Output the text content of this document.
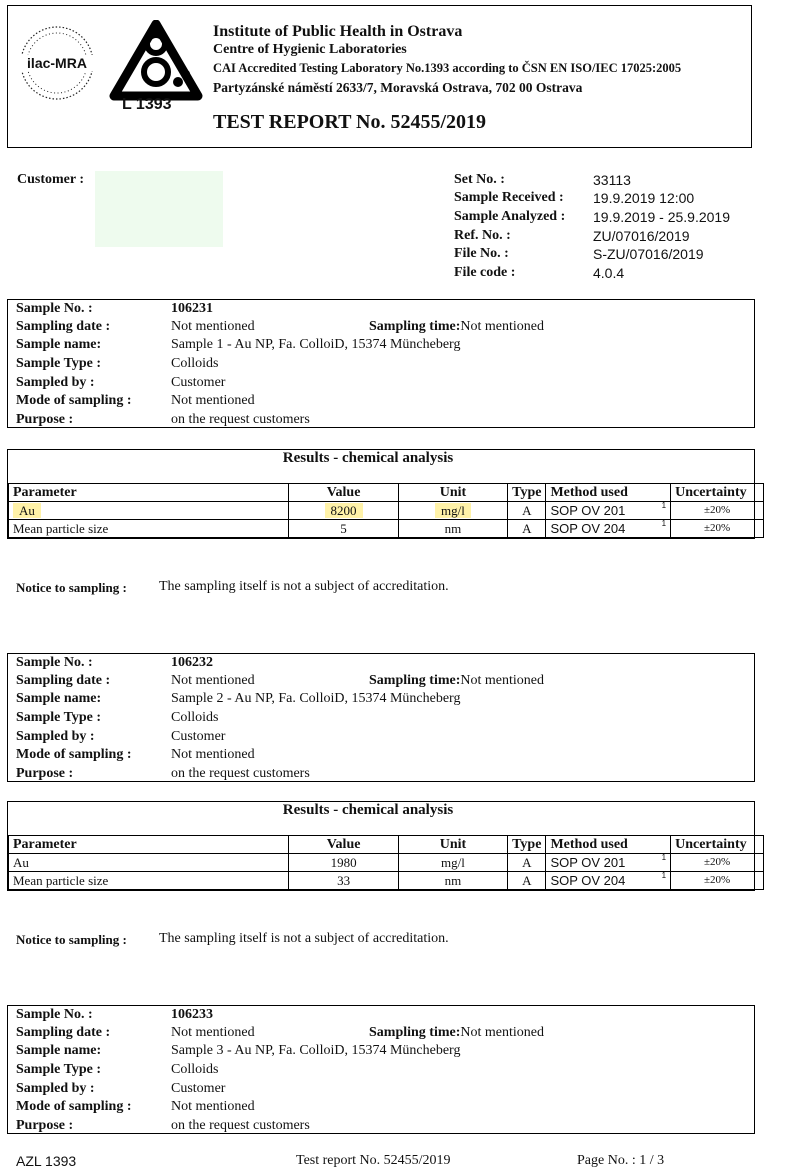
ilac-MRA
L 1393
Institute of Public Health in Ostrava
Centre of Hygienic Laboratories
CAI Accredited Testing Laboratory No.1393 according to ČSN EN ISO/IEC 17025:2005
Partyzánské náměstí 2633/7, Moravská Ostrava, 702 00 Ostrava
TEST REPORT No. 52455/2019
Customer :	Set No. :	33113
Sample Received : 19.9.2019 12:00
Sample Analyzed : 19.9.2019 - 25.9.2019
Ref. No. :	ZU/07016/2019
File No. :	S-ZU/07016/2019
File code :	4.0.4
Sample No. :	106231
Sampling date :	Not mentioned	Sampling time:Not mentioned
Sample name:	Sample 1 - Au NP, Fa. ColloiD, 15374 Müncheberg
Sample Type :	Colloids
Sampled by :	Customer
Mode of sampling :	Not mentioned
Purpose :	on the request customers
Results - chemical analysis
Parameter	Value	Unit	Type	Method used	Uncertainty
Au	8200	mg/l	A	SOP OV 201 1	±20%
Mean particle size	5	nm	A	SOP OV 204 1	±20%
Notice to sampling : The sampling itself is not a subject of accreditation.
Sample No. :	106232
Sampling date :	Not mentioned	Sampling time:Not mentioned
Sample name:	Sample 2 - Au NP, Fa. ColloiD, 15374 Müncheberg
Sample Type :	Colloids
Sampled by :	Customer
Mode of sampling :	Not mentioned
Purpose :	on the request customers
Results - chemical analysis
Parameter	Value	Unit	Type	Method used	Uncertainty
Au	1980	mg/l	A	SOP OV 201 1	±20%
Mean particle size	33	nm	A	SOP OV 204 1	±20%
Notice to sampling : The sampling itself is not a subject of accreditation.
Sample No. :	106233
Sampling date :	Not mentioned	Sampling time:Not mentioned
Sample name:	Sample 3 - Au NP, Fa. ColloiD, 15374 Müncheberg
Sample Type :	Colloids
Sampled by :	Customer
Mode of sampling :	Not mentioned
Purpose :	on the request customers
AZL 1393	Test report No. 52455/2019	Page No. : 1 / 3
